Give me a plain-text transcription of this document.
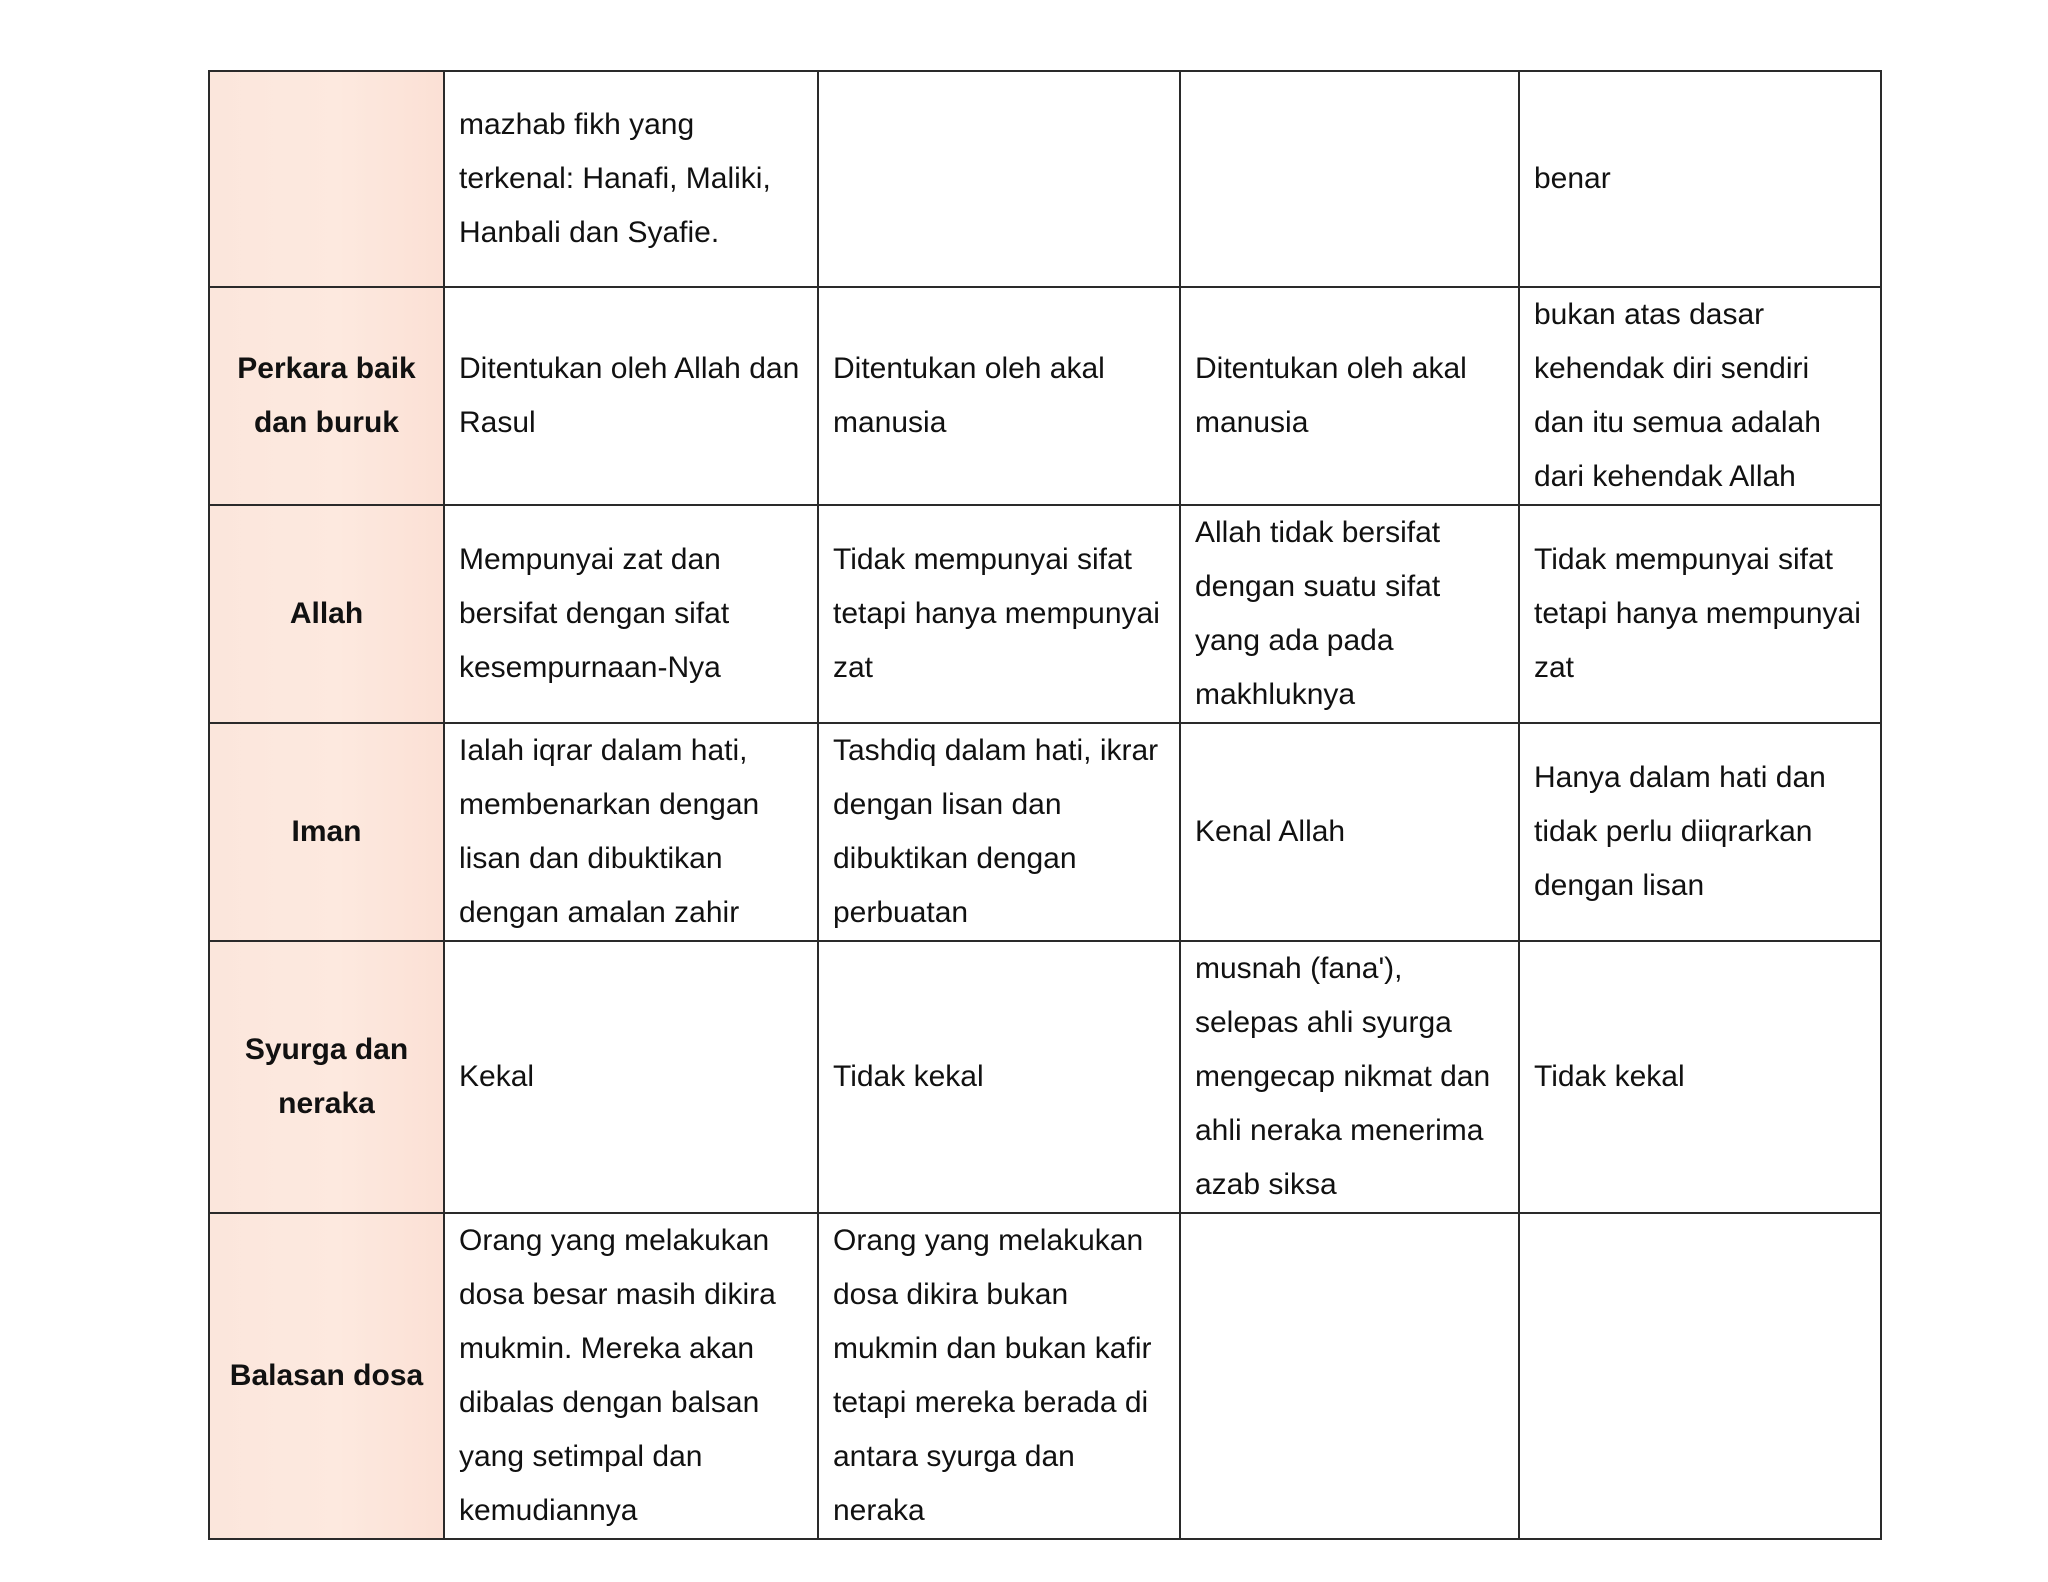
	mazhab fikh yang terkenal: Hanafi, Maliki, Hanbali dan Syafie.			benar

Perkara baik dan buruk	Ditentukan oleh Allah dan Rasul	Ditentukan oleh akal manusia	Ditentukan oleh akal manusia	bukan atas dasar kehendak diri sendiri dan itu semua adalah dari kehendak Allah

Allah	Mempunyai zat dan bersifat dengan sifat kesempurnaan-Nya	Tidak mempunyai sifat tetapi hanya mempunyai zat	Allah tidak bersifat dengan suatu sifat yang ada pada makhluknya	Tidak mempunyai sifat tetapi hanya mempunyai zat

Iman	Ialah iqrar dalam hati, membenarkan dengan lisan dan dibuktikan dengan amalan zahir	Tashdiq dalam hati, ikrar dengan lisan dan dibuktikan dengan perbuatan	Kenal Allah	Hanya dalam hati dan tidak perlu diiqrarkan dengan lisan

Syurga dan neraka	Kekal	Tidak kekal	musnah (fana'), selepas ahli syurga mengecap nikmat dan ahli neraka menerima azab siksa	Tidak kekal

Balasan dosa	Orang yang melakukan dosa besar masih dikira mukmin. Mereka akan dibalas dengan balsan yang setimpal dan kemudiannya	Orang yang melakukan dosa dikira bukan mukmin dan bukan kafir tetapi mereka berada di antara syurga dan neraka		
